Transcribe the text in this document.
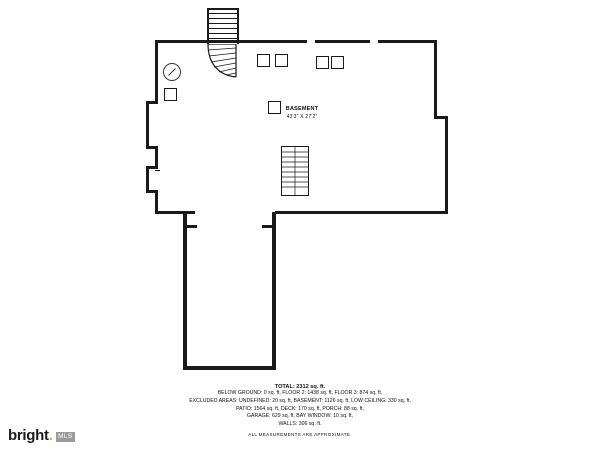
BASEMENT
43'3" X 27'2"
TOTAL: 2312 sq. ft.
BELOW GROUND: 0 sq. ft, FLOOR 2: 1438 sq. ft, FLOOR 3: 874 sq. ft.
EXCLUDED AREAS: UNDEFINED: 20 sq. ft, BASEMENT: 1126 sq. ft, LOW CEILING: 330 sq. ft,
PATIO: 1564 sq. ft, DECK: 170 sq. ft, PORCH: 88 sq. ft,
GARAGE: 629 sq. ft, BAY WINDOW: 10 sq. ft,
WALLS: 306 sq. ft.
ALL MEASUREMENTS ARE APPROXIMATE.
bright. MLS
